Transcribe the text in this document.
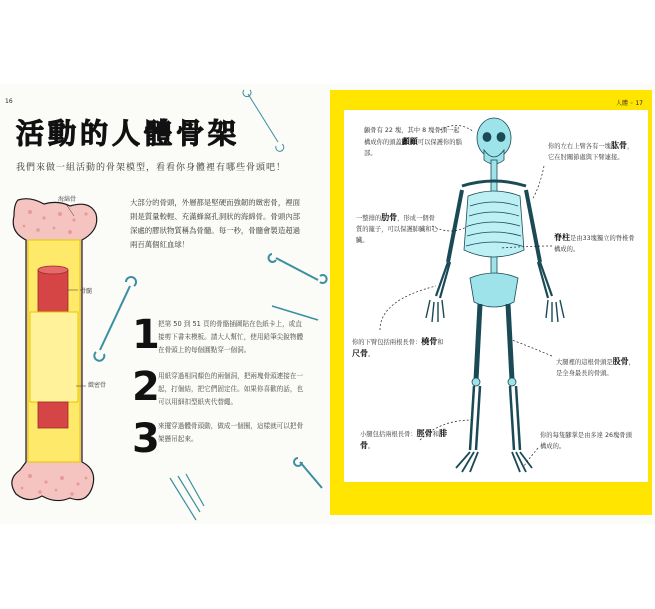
16
活動的人體骨架
我們來做一組活動的骨架模型，看看你身體裡有哪些骨頭吧！
海綿骨
骨髓
緻密骨
大部分的骨頭，外層都是堅硬而強韌的緻密骨，裡面則是質量較輕、充滿蜂窩孔洞狀的海綿骨。骨頭內部深處的膠狀物質稱為骨髓。每一秒，骨髓會製造超過兩百萬個紅血球！
1
把第 50 到 51 頁的骨骼插圖貼在色紙卡上，或直接剪下書末模板。請大人幫忙，使用鉛筆尖銳物體在骨頭上的每個圓點穿一個洞。
2
用紙穿過相同顏色的兩個洞，把兩塊骨頭連接在一起，打個結，把它們固定住。如果你喜歡的話，也可以用細扣型紙夾代替繩。
3
來擺穿過體骨頭動，做成一個圈，這樣就可以把骨架懸吊起來。
人體 ◦ 17
顱骨有 22 塊，其中 8 塊骨頭一起構成你的頭蓋顱顧可以保護你的腦部。
你的左右上臂各有一塊肱骨，它在肘關節處與下臂連接。
一整排的肋骨，形成一個骨質的籠子，可以保護肺臟和心臟。	脊柱是由33塊獨立的脊椎骨構成的。
你的下臂包括兩根長骨：橈骨和尺骨。
大腿裡的這根骨頭是股骨，是全身最長的骨頭。
小腿包括兩根長骨：脛骨和腓骨。
你的每隻腳掌是由多達 26塊骨頭構成的。
